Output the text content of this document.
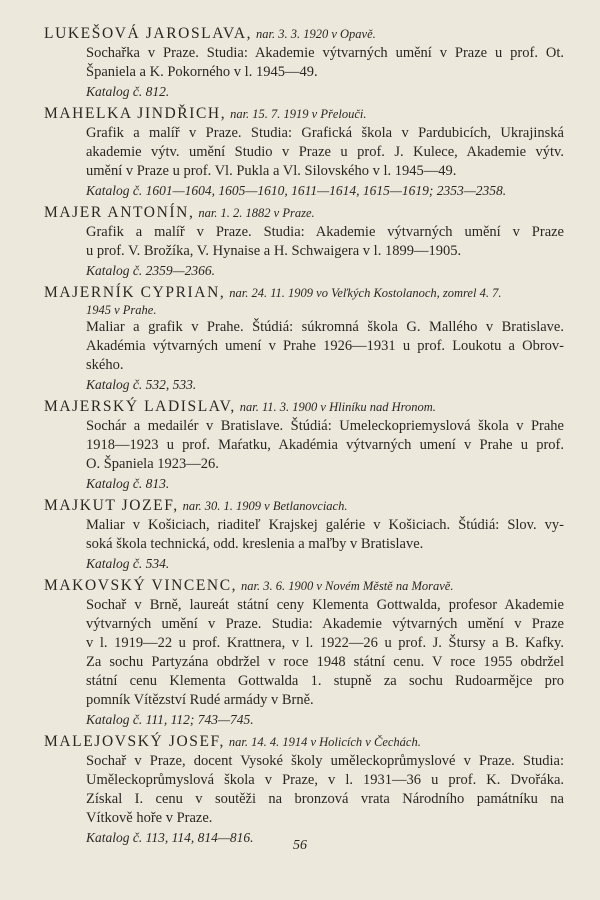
LUKEŠOVÁ JAROSLAVA, nar. 3. 3. 1920 v Opavě.
Sochařka v Praze. Studia: Akademie výtvarných umění v Praze u prof. Ot.
Španiela a K. Pokorného v l. 1945—49.
Katalog č. 812.
MAHELKA JINDŘICH, nar. 15. 7. 1919 v Přelouči.
Grafik a malíř v Praze. Studia: Grafická škola v Pardubicích, Ukrajinská
akademie výtv. umění Studio v Praze u prof. J. Kulece, Akademie výtv.
umění v Praze u prof. Vl. Pukla a Vl. Silovského v l. 1945—49.
Katalog č. 1601—1604, 1605—1610, 1611—1614, 1615—1619; 2353—2358.
MAJER ANTONÍN, nar. 1. 2. 1882 v Praze.
Grafik a malíř v Praze. Studia: Akademie výtvarných umění v Praze
u prof. V. Brožíka, V. Hynaise a H. Schwaigera v l. 1899—1905.
Katalog č. 2359—2366.
MAJERNÍK CYPRIAN, nar. 24. 11. 1909 vo Veľkých Kostolanoch, zomrel 4. 7.
1945 v Prahe.
Maliar a grafik v Prahe. Štúdiá: súkromná škola G. Mallého v Bratislave.
Akadémia výtvarných umení v Prahe 1926—1931 u prof. Loukotu a Obrov-
ského.
Katalog č. 532, 533.
MAJERSKÝ LADISLAV, nar. 11. 3. 1900 v Hliníku nad Hronom.
Sochár a medailér v Bratislave. Štúdiá: Umeleckopriemyslová škola v Prahe
1918—1923 u prof. Maŕatku, Akadémia výtvarných umení v Prahe u prof.
O. Španiela 1923—26.
Katalog č. 813.
MAJKUT JOZEF, nar. 30. 1. 1909 v Betlanovciach.
Maliar v Košiciach, riaditeľ Krajskej galérie v Košiciach. Štúdiá: Slov. vy-
soká škola technická, odd. kreslenia a maľby v Bratislave.
Katalog č. 534.
MAKOVSKÝ VINCENC, nar. 3. 6. 1900 v Novém Městě na Moravě.
Sochař v Brně, laureát státní ceny Klementa Gottwalda, profesor Akademie
výtvarných umění v Praze. Studia: Akademie výtvarných umění v Praze
v l. 1919—22 u prof. Krattnera, v l. 1922—26 u prof. J. Štursy a B. Kafky.
Za sochu Partyzána obdržel v roce 1948 státní cenu. V roce 1955 obdržel
státní cenu Klementa Gottwalda 1. stupně za sochu Rudoarmějce pro
pomník Vítězství Rudé armády v Brně.
Katalog č. 111, 112; 743—745.
MALEJOVSKÝ JOSEF, nar. 14. 4. 1914 v Holicích v Čechách.
Sochař v Praze, docent Vysoké školy uměleckoprůmyslové v Praze. Studia:
Uměleckoprůmyslová škola v Praze, v l. 1931—36 u prof. K. Dvořáka.
Získal I. cenu v soutěži na bronzová vrata Národního památníku na
Vítkově hoře v Praze.
Katalog č. 113, 114, 814—816.
56
